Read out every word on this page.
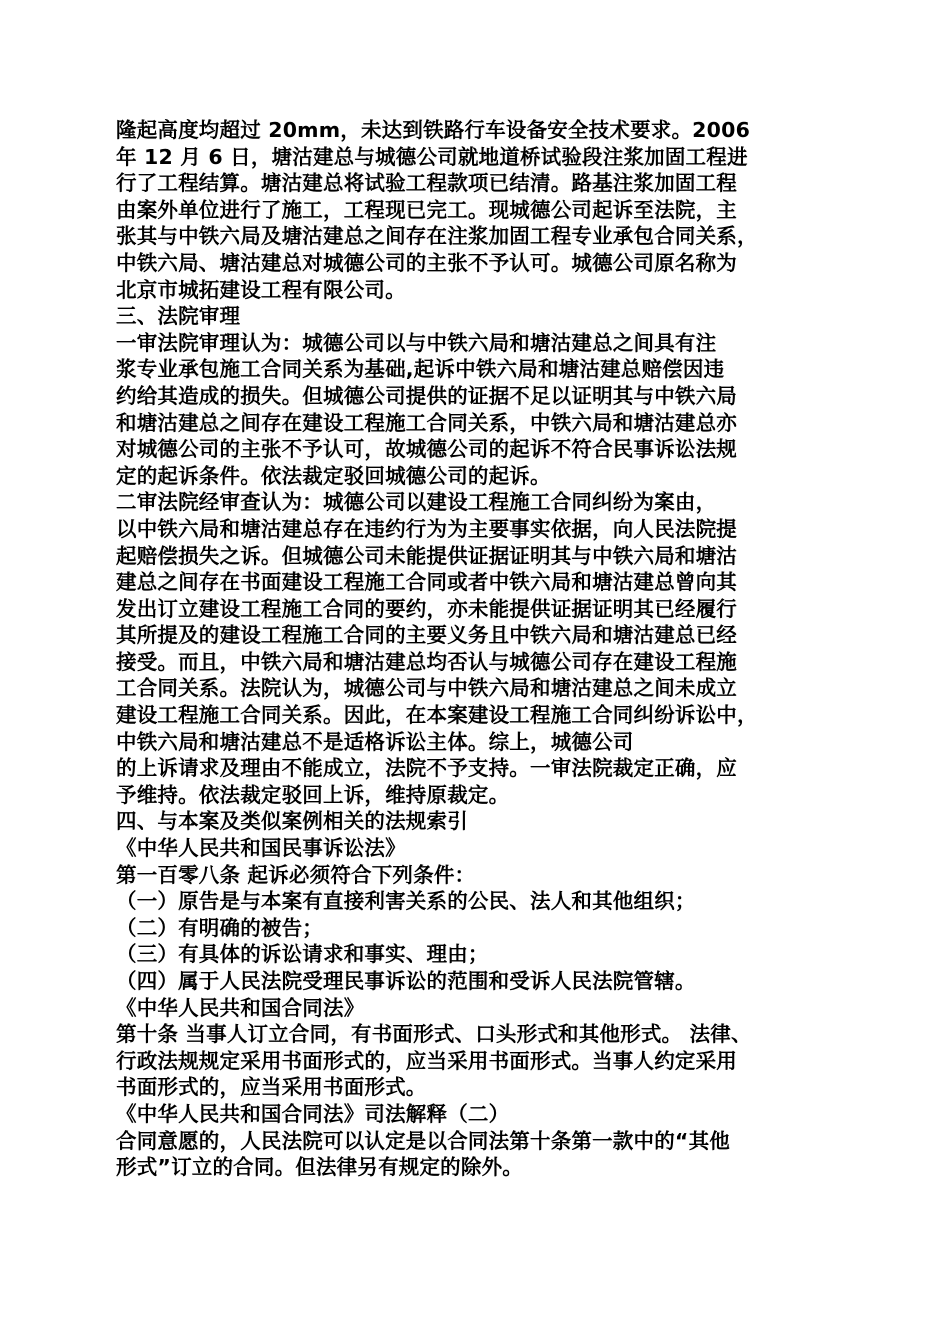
隆起高度均超过 20mm，未达到铁路行车设备安全技术要求。2006
年 12 月 6 日，塘沽建总与城德公司就地道桥试验段注浆加固工程进
行了工程结算。塘沽建总将试验工程款项已结清。路基注浆加固工程
由案外单位进行了施工，工程现已完工。现城德公司起诉至法院，主
张其与中铁六局及塘沽建总之间存在注浆加固工程专业承包合同关系，
中铁六局、塘沽建总对城德公司的主张不予认可。城德公司原名称为
北京市城拓建设工程有限公司。
三、法院审理
一审法院审理认为：城德公司以与中铁六局和塘沽建总之间具有注
浆专业承包施工合同关系为基础,起诉中铁六局和塘沽建总赔偿因违
约给其造成的损失。但城德公司提供的证据不足以证明其与中铁六局
和塘沽建总之间存在建设工程施工合同关系，中铁六局和塘沽建总亦
对城德公司的主张不予认可，故城德公司的起诉不符合民事诉讼法规
定的起诉条件。依法裁定驳回城德公司的起诉。
二审法院经审查认为：城德公司以建设工程施工合同纠纷为案由，
以中铁六局和塘沽建总存在违约行为为主要事实依据，向人民法院提
起赔偿损失之诉。但城德公司未能提供证据证明其与中铁六局和塘沽
建总之间存在书面建设工程施工合同或者中铁六局和塘沽建总曾向其
发出订立建设工程施工合同的要约，亦未能提供证据证明其已经履行
其所提及的建设工程施工合同的主要义务且中铁六局和塘沽建总已经
接受。而且，中铁六局和塘沽建总均否认与城德公司存在建设工程施
工合同关系。法院认为，城德公司与中铁六局和塘沽建总之间未成立
建设工程施工合同关系。因此，在本案建设工程施工合同纠纷诉讼中，
中铁六局和塘沽建总不是适格诉讼主体。综上，城德公司
的上诉请求及理由不能成立，法院不予支持。一审法院裁定正确，应
予维持。依法裁定驳回上诉，维持原裁定。
四、与本案及类似案例相关的法规索引
《中华人民共和国民事诉讼法》
第一百零八条 起诉必须符合下列条件：
（一）原告是与本案有直接利害关系的公民、法人和其他组织；
（二）有明确的被告；
（三）有具体的诉讼请求和事实、理由；
（四）属于人民法院受理民事诉讼的范围和受诉人民法院管辖。
《中华人民共和国合同法》
第十条 当事人订立合同，有书面形式、口头形式和其他形式。 法律、
行政法规规定采用书面形式的，应当采用书面形式。当事人约定采用
书面形式的，应当采用书面形式。
《中华人民共和国合同法》司法解释（二）
合同意愿的，人民法院可以认定是以合同法第十条第一款中的“其他
形式”订立的合同。但法律另有规定的除外。
